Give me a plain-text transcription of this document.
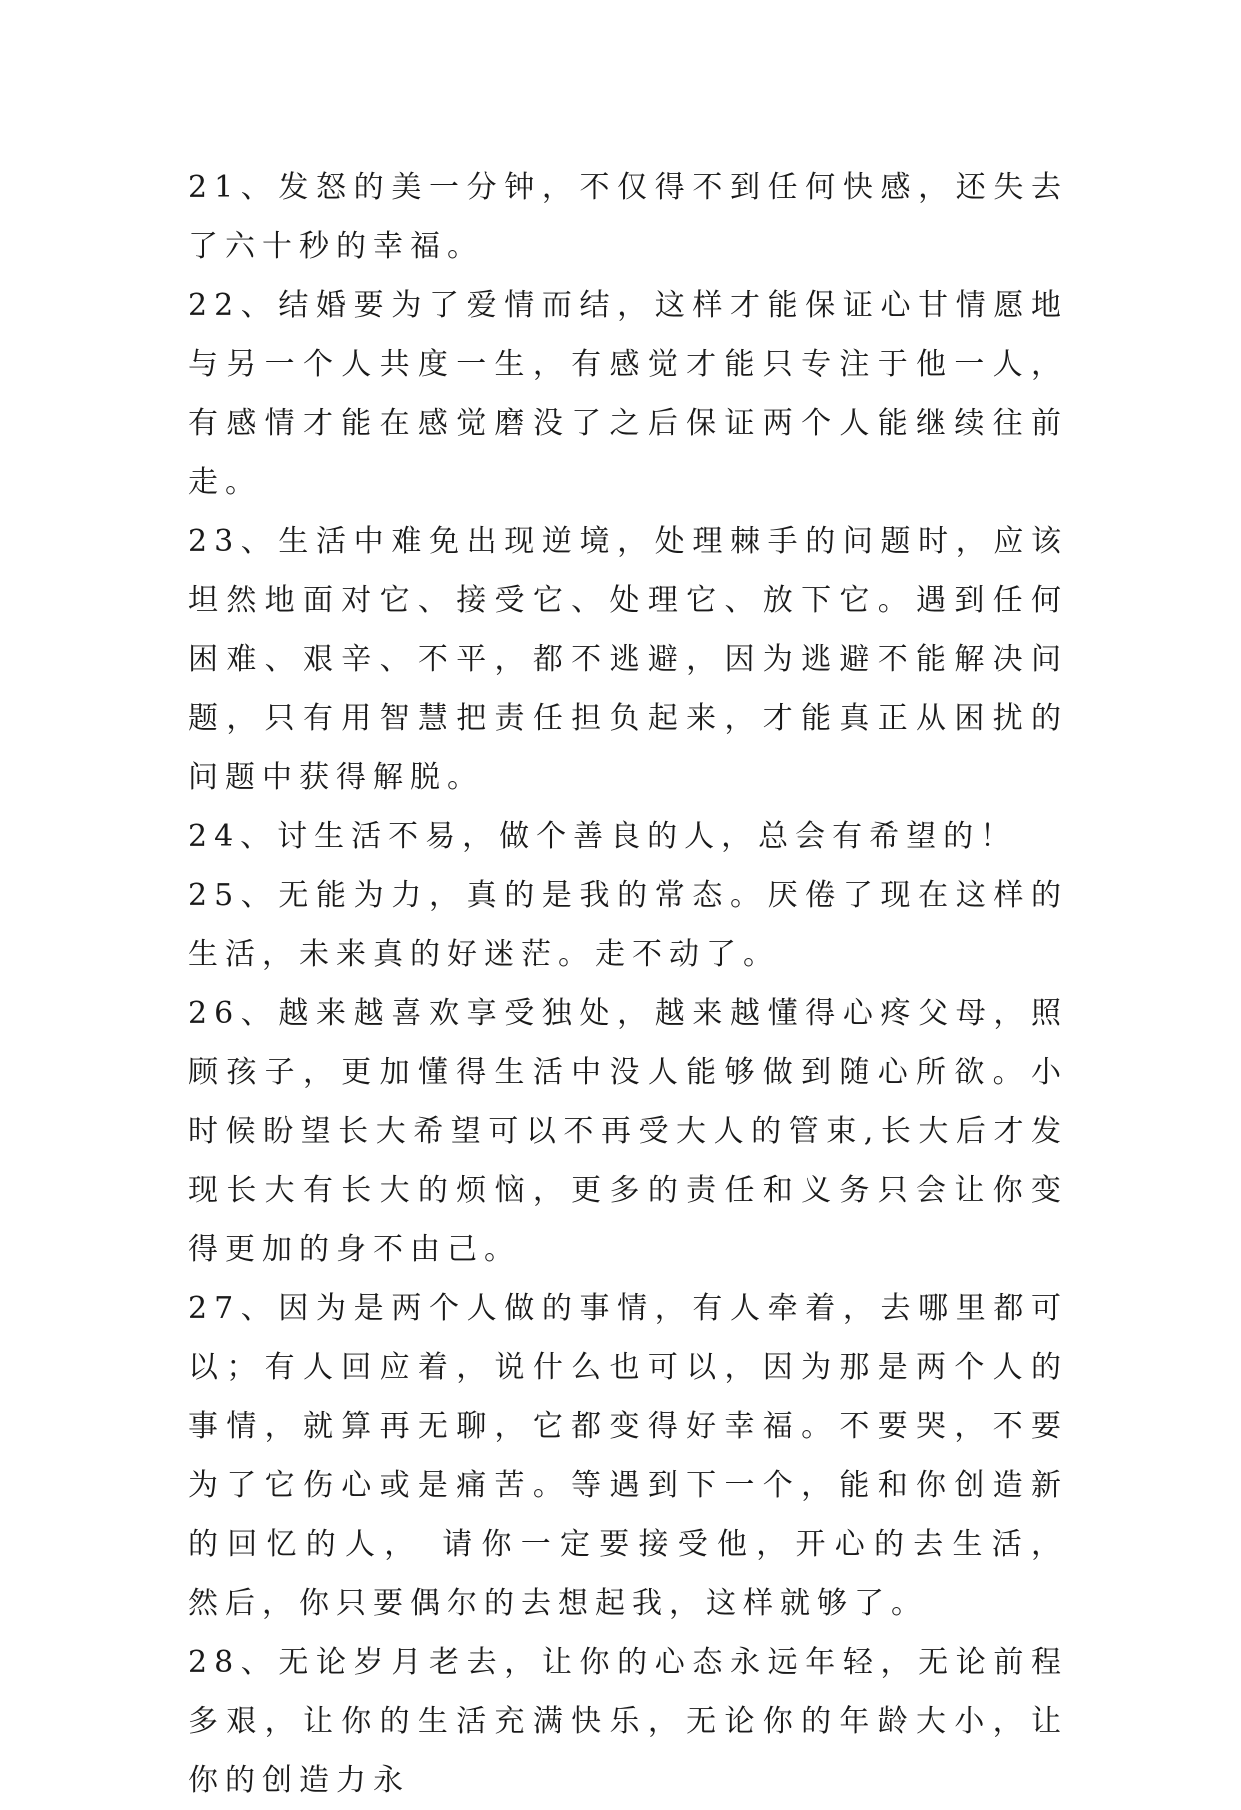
21、发怒的美一分钟，不仅得不到任何快感，还失去了六十秒的幸福。

22、结婚要为了爱情而结，这样才能保证心甘情愿地与另一个人共度一生，有感觉才能只专注于他一人，有感情才能在感觉磨没了之后保证两个人能继续往前走。

23、生活中难免出现逆境，处理棘手的问题时，应该坦然地面对它、接受它、处理它、放下它。遇到任何困难、艰辛、不平，都不逃避，因为逃避不能解决问题，只有用智慧把责任担负起来，才能真正从困扰的问题中获得解脱。

24、讨生活不易，做个善良的人，总会有希望的！

25、无能为力，真的是我的常态。厌倦了现在这样的生活，未来真的好迷茫。走不动了。

26、越来越喜欢享受独处，越来越懂得心疼父母，照顾孩子，更加懂得生活中没人能够做到随心所欲。小时候盼望长大希望可以不再受大人的管束,长大后才发现长大有长大的烦恼，更多的责任和义务只会让你变得更加的身不由己。

27、因为是两个人做的事情，有人牵着，去哪里都可以；有人回应着，说什么也可以，因为那是两个人的事情，就算再无聊，它都变得好幸福。不要哭，不要为了它伤心或是痛苦。等遇到下一个，能和你创造新的回忆的人， 请你一定要接受他，开心的去生活， 然后，你只要偶尔的去想起我，这样就够了。

28、无论岁月老去，让你的心态永远年轻，无论前程多艰，让你的生活充满快乐，无论你的年龄大小，让你的创造力永
